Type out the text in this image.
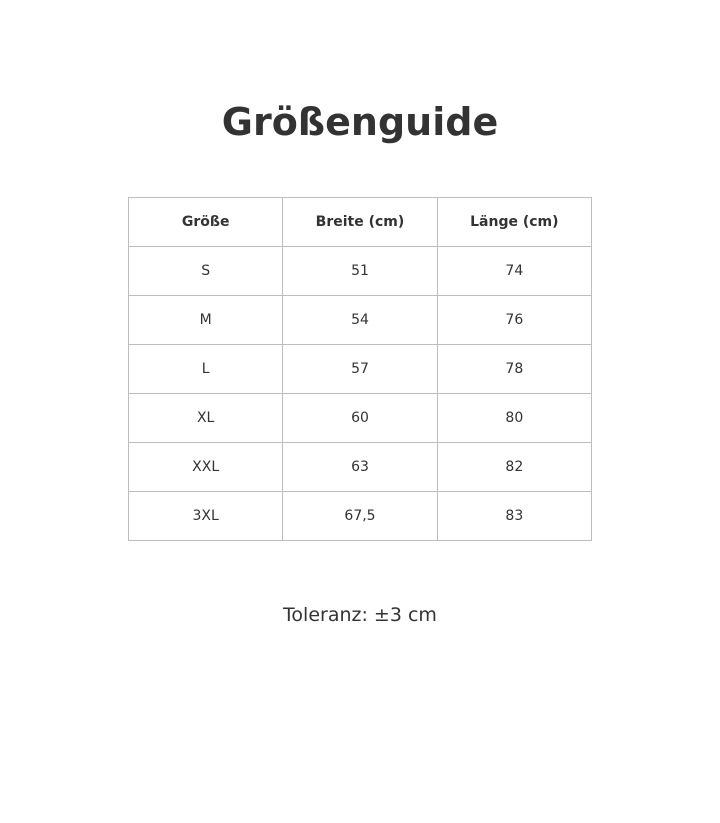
Größenguide
Größe	Breite (cm)	Länge (cm)
S	51	74
M	54	76
L	57	78
XL	60	80
XXL	63	82
3XL	67,5	83

Toleranz: ±3 cm
